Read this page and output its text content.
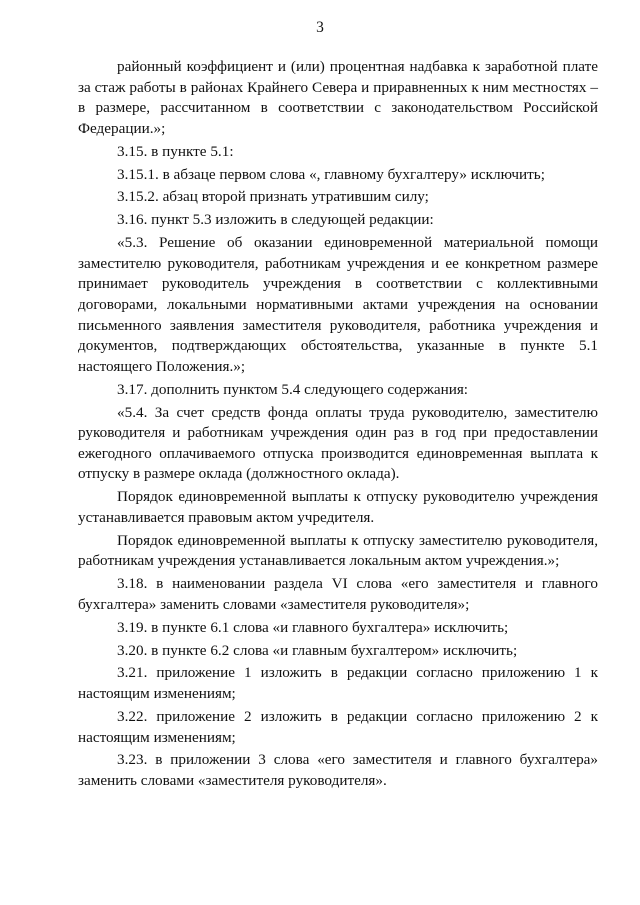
3

районный коэффициент и (или) процентная надбавка к заработной плате за стаж работы в районах Крайнего Севера и приравненных к ним местностях – в размере, рассчитанном в соответствии с законодательством Российской Федерации.»;

3.15. в пункте 5.1:

3.15.1. в абзаце первом слова «, главному бухгалтеру» исключить;

3.15.2. абзац второй признать утратившим силу;

3.16. пункт 5.3 изложить в следующей редакции:

«5.3. Решение об оказании единовременной материальной помощи заместителю руководителя, работникам учреждения и ее конкретном размере принимает руководитель учреждения в соответствии с коллективными договорами, локальными нормативными актами учреждения на основании письменного заявления заместителя руководителя, работника учреждения и документов, подтверждающих обстоятельства, указанные в пункте 5.1 настоящего Положения.»;

3.17. дополнить пунктом 5.4 следующего содержания:

«5.4. За счет средств фонда оплаты труда руководителю, заместителю руководителя и работникам учреждения один раз в год при предоставлении ежегодного оплачиваемого отпуска производится единовременная выплата к отпуску в размере оклада (должностного оклада).

Порядок единовременной выплаты к отпуску руководителю учреждения устанавливается правовым актом учредителя.

Порядок единовременной выплаты к отпуску заместителю руководителя, работникам учреждения устанавливается локальным актом учреждения.»;

3.18. в наименовании раздела VI слова «его заместителя и главного бухгалтера» заменить словами «заместителя руководителя»;

3.19. в пункте 6.1 слова «и главного бухгалтера» исключить;

3.20. в пункте 6.2 слова «и главным бухгалтером» исключить;

3.21. приложение 1 изложить в редакции согласно приложению 1 к настоящим изменениям;

3.22. приложение 2 изложить в редакции согласно приложению 2 к настоящим изменениям;

3.23. в приложении 3 слова «его заместителя и главного бухгалтера» заменить словами «заместителя руководителя».
